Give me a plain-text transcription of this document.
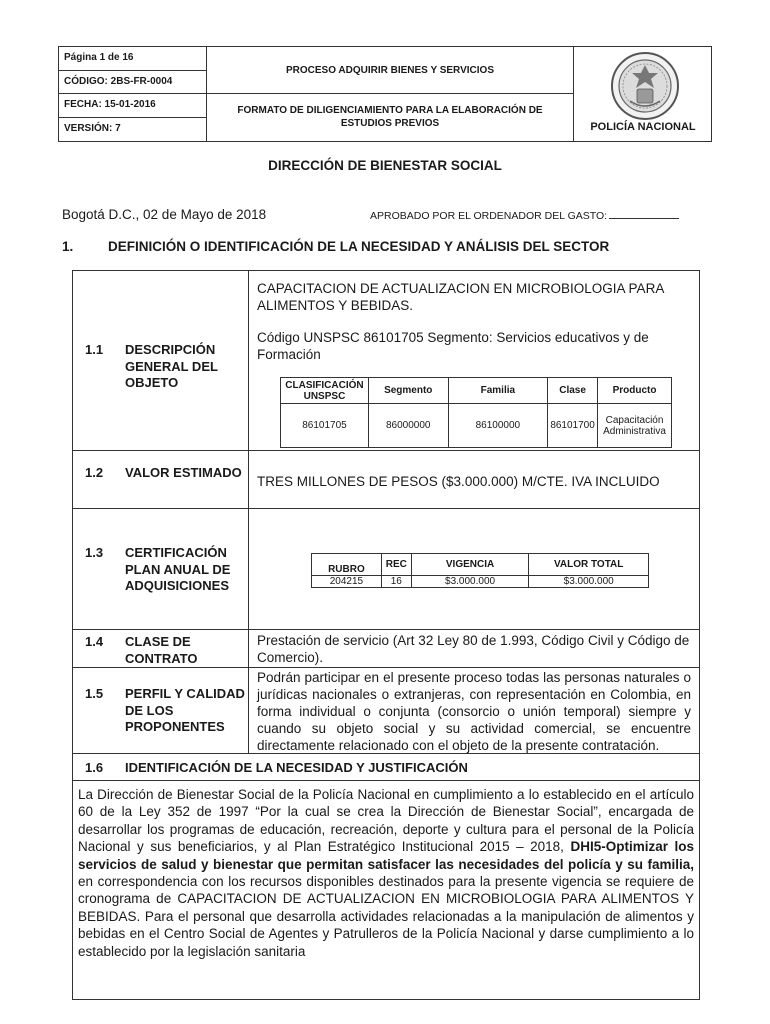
Página 1 de 16
CÓDIGO: 2BS-FR-0004
FECHA: 15-01-2016
VERSIÓN: 7
PROCESO ADQUIRIR BIENES Y SERVICIOS
FORMATO DE DILIGENCIAMIENTO PARA LA ELABORACIÓN DE ESTUDIOS PREVIOS	POLICÍA NACIONAL
DIRECCIÓN DE BIENESTAR SOCIAL
Bogotá D.C., 02 de Mayo de 2018	APROBADO POR EL ORDENADOR DEL GASTO:
1.	DEFINICIÓN O IDENTIFICACIÓN DE LA NECESIDAD Y ANÁLISIS DEL SECTOR
1.1 DESCRIPCIÓN GENERAL DEL OBJETO
CAPACITACION DE ACTUALIZACION EN MICROBIOLOGIA PARA ALIMENTOS Y BEBIDAS.
Código UNSPSC 86101705 Segmento: Servicios educativos y de Formación
CLASIFICACIÓN UNSPSC	Segmento	Familia	Clase	Producto
86101705	86000000	86100000	86101700	Capacitación Administrativa
1.2 VALOR ESTIMADO
TRES MILLONES DE PESOS ($3.000.000) M/CTE. IVA INCLUIDO
1.3 CERTIFICACIÓN PLAN ANUAL DE ADQUISICIONES
RUBRO	REC	VIGENCIA	VALOR TOTAL
204215	16	$3.000.000	$3.000.000
1.4 CLASE DE CONTRATO
Prestación de servicio (Art 32 Ley 80 de 1.993, Código Civil y Código de Comercio).
1.5 PERFIL Y CALIDAD DE LOS PROPONENTES
Podrán participar en el presente proceso todas las personas naturales o jurídicas nacionales o extranjeras, con representación en Colombia, en forma individual o conjunta (consorcio o unión temporal) siempre y cuando su objeto social y su actividad comercial, se encuentre directamente relacionado con el objeto de la presente contratación.
1.6 IDENTIFICACIÓN DE LA NECESIDAD Y JUSTIFICACIÓN
La Dirección de Bienestar Social de la Policía Nacional en cumplimiento a lo establecido en el artículo 60 de la Ley 352 de 1997 “Por la cual se crea la Dirección de Bienestar Social”, encargada de desarrollar los programas de educación, recreación, deporte y cultura para el personal de la Policía Nacional y sus beneficiarios, y al Plan Estratégico Institucional 2015 – 2018, DHI5-Optimizar los servicios de salud y bienestar que permitan satisfacer las necesidades del policía y su familia, en correspondencia con los recursos disponibles destinados para la presente vigencia se requiere de cronograma de CAPACITACION DE ACTUALIZACION EN MICROBIOLOGIA PARA ALIMENTOS Y BEBIDAS. Para el personal que desarrolla actividades relacionadas a la manipulación de alimentos y bebidas en el Centro Social de Agentes y Patrulleros de la Policía Nacional y darse cumplimiento a lo establecido por la legislación sanitaria
